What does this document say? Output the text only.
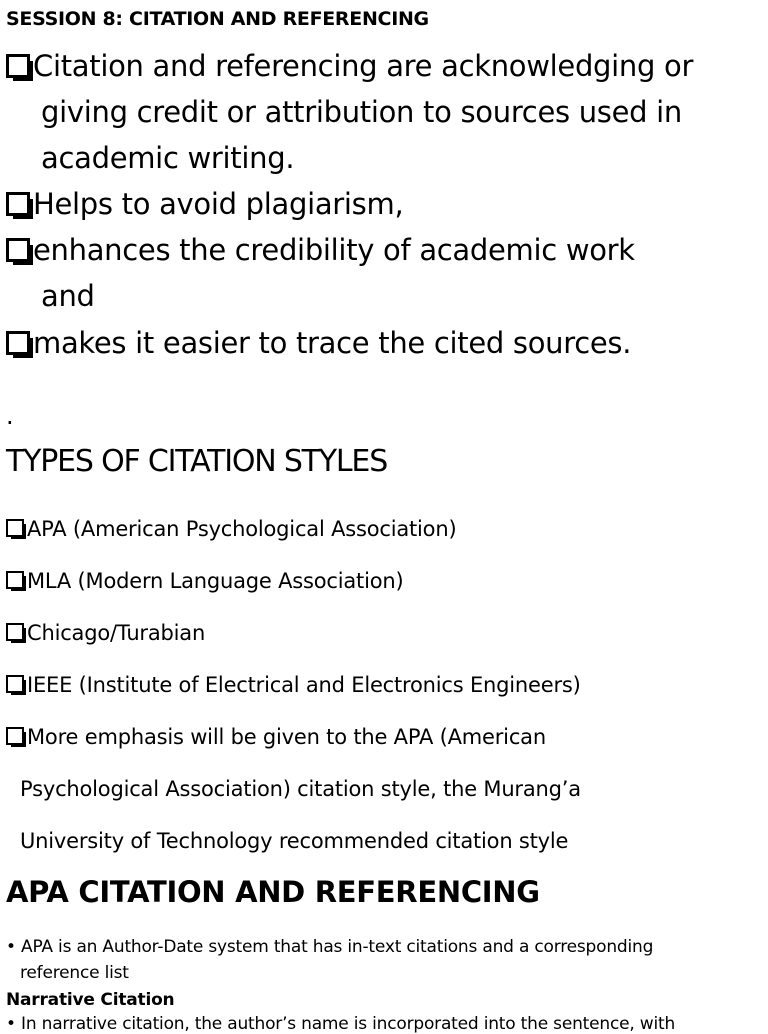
SESSION 8: CITATION AND REFERENCING
Citation and referencing are acknowledging or
giving credit or attribution to sources used in
academic writing.
Helps to avoid plagiarism,
enhances the credibility of academic work
and
makes it easier to trace the cited sources.
.
TYPES OF CITATION STYLES
APA (American Psychological Association)
MLA (Modern Language Association)
Chicago/Turabian
IEEE (Institute of Electrical and Electronics Engineers)
More emphasis will be given to the APA (American
Psychological Association) citation style, the Murang’a
University of Technology recommended citation style
APA CITATION AND REFERENCING
• APA is an Author-Date system that has in-text citations and a corresponding
reference list
Narrative Citation
• In narrative citation, the author’s name is incorporated into the sentence, with
